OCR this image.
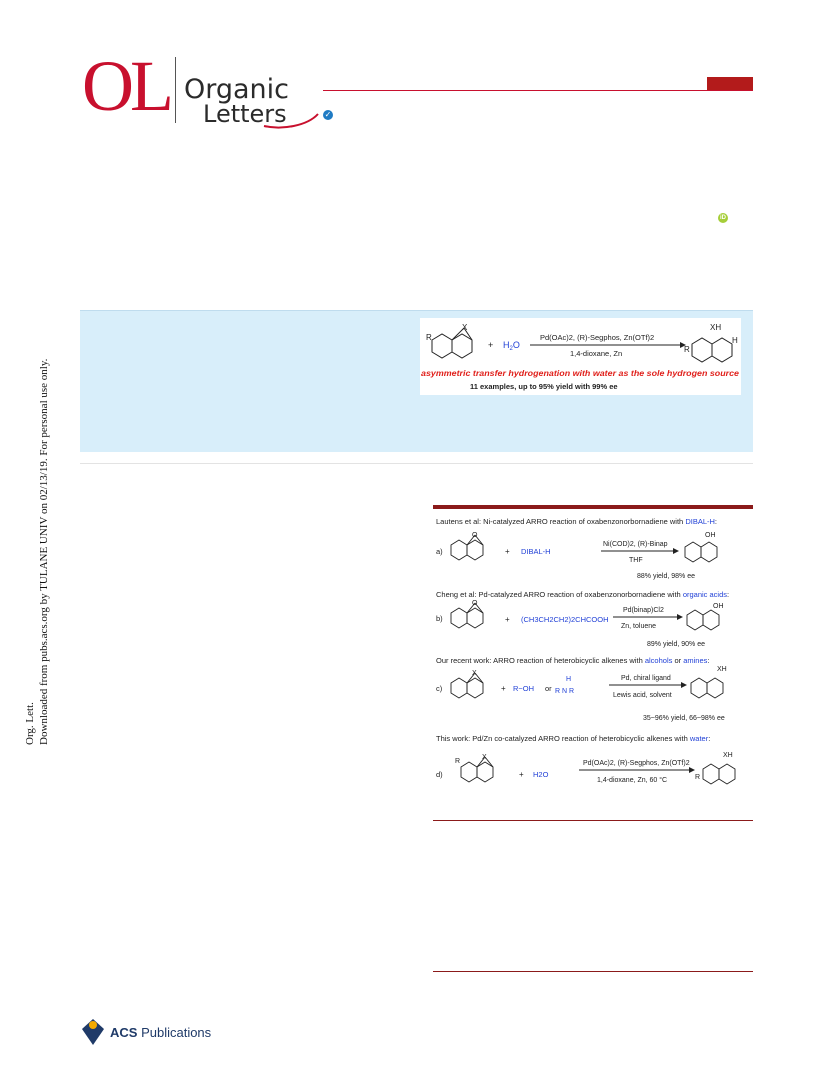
OL Organic
Letters	✓
iD
Org. Lett. Downloaded from pubs.acs.org by TULANE UNIV on 02/13/19. For personal use only.
R
X
+ $H_2O$
Pd(OAc)2, (R)-Segphos, Zn(OTf)2
1,4-dioxane, Zn
XH
H
R
asymmetric transfer hydrogenation with water as the sole hydrogen source
11 examples, up to 95% yield with 99% ee
Lautens et al: Ni-catalyzed ARRO reaction of oxabenzonorbornadiene with DIBAL-H:
a)
O
+ DIBAL-H
Ni(COD)2, (R)-Binap
THF
OH
88% yield, 98% ee
Cheng et al: Pd-catalyzed ARRO reaction of oxabenzonorbornadiene with organic acids:
b)
O
+ (CH3CH2CH2)2CHCOOH
Pd(binap)Cl2
Zn, toluene
OH
89% yield, 90% ee
Our recent work: ARRO reaction of heterobicyclic alkenes with alcohols or amines:
c)
X
+ R−OH or
H
R N R
Pd, chiral ligand
Lewis acid, solvent
XH
35~96% yield, 66~98% ee
This work: Pd/Zn co-catalyzed ARRO reaction of heterobicyclic alkenes with water:
d)
R
X
+ H2O
Pd(OAc)2, (R)-Segphos, Zn(OTf)2
1,4-dioxane, Zn, 60 °C	R
XH
ACS Publications
